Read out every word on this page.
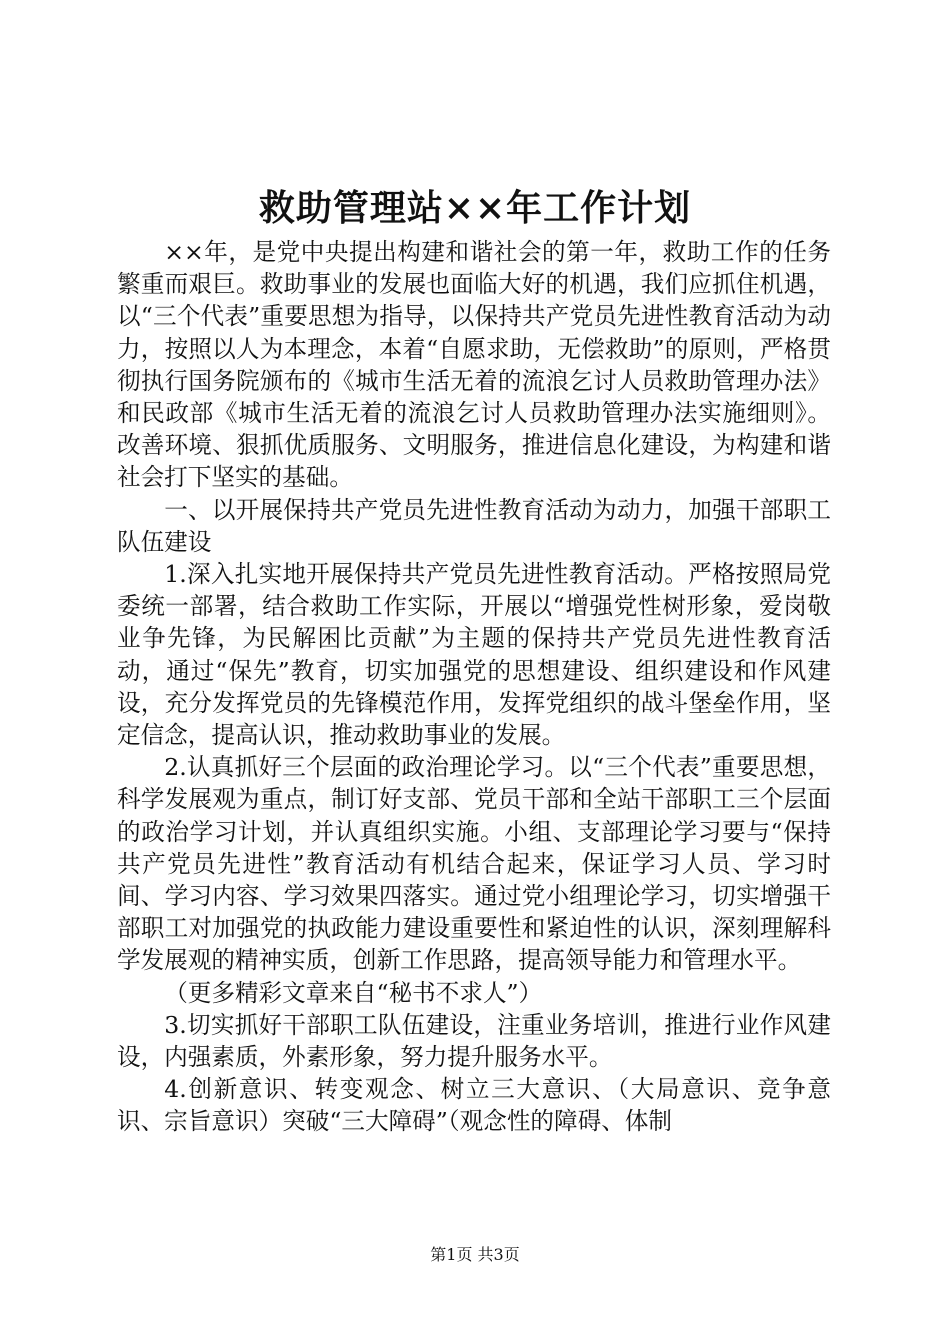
救助管理站××年工作计划

××年，是党中央提出构建和谐社会的第一年，救助工作的任务繁重而艰巨。救助事业的发展也面临大好的机遇，我们应抓住机遇，以“三个代表”重要思想为指导，以保持共产党员先进性教育活动为动力，按照以人为本理念，本着“自愿求助，无偿救助”的原则，严格贯彻执行国务院颁布的《城市生活无着的流浪乞讨人员救助管理办法》和民政部《城市生活无着的流浪乞讨人员救助管理办法实施细则》。改善环境、狠抓优质服务、文明服务，推进信息化建设，为构建和谐社会打下坚实的基础。

一、以开展保持共产党员先进性教育活动为动力，加强干部职工队伍建设

1.深入扎实地开展保持共产党员先进性教育活动。严格按照局党委统一部署，结合救助工作实际，开展以“增强党性树形象，爱岗敬业争先锋，为民解困比贡献”为主题的保持共产党员先进性教育活动，通过“保先”教育，切实加强党的思想建设、组织建设和作风建设，充分发挥党员的先锋模范作用，发挥党组织的战斗堡垒作用，坚定信念，提高认识，推动救助事业的发展。

2.认真抓好三个层面的政治理论学习。以“三个代表”重要思想，科学发展观为重点，制订好支部、党员干部和全站干部职工三个层面的政治学习计划，并认真组织实施。小组、支部理论学习要与“保持共产党员先进性”教育活动有机结合起来，保证学习人员、学习时间、学习内容、学习效果四落实。通过党小组理论学习，切实增强干部职工对加强党的执政能力建设重要性和紧迫性的认识，深刻理解科学发展观的精神实质，创新工作思路，提高领导能力和管理水平。

（更多精彩文章来自“秘书不求人”）

3.切实抓好干部职工队伍建设，注重业务培训，推进行业作风建设，内强素质，外素形象，努力提升服务水平。

4.创新意识、转变观念、树立三大意识、（大局意识、竞争意识、宗旨意识）突破“三大障碍”（观念性的障碍、体制

第1页 共3页
